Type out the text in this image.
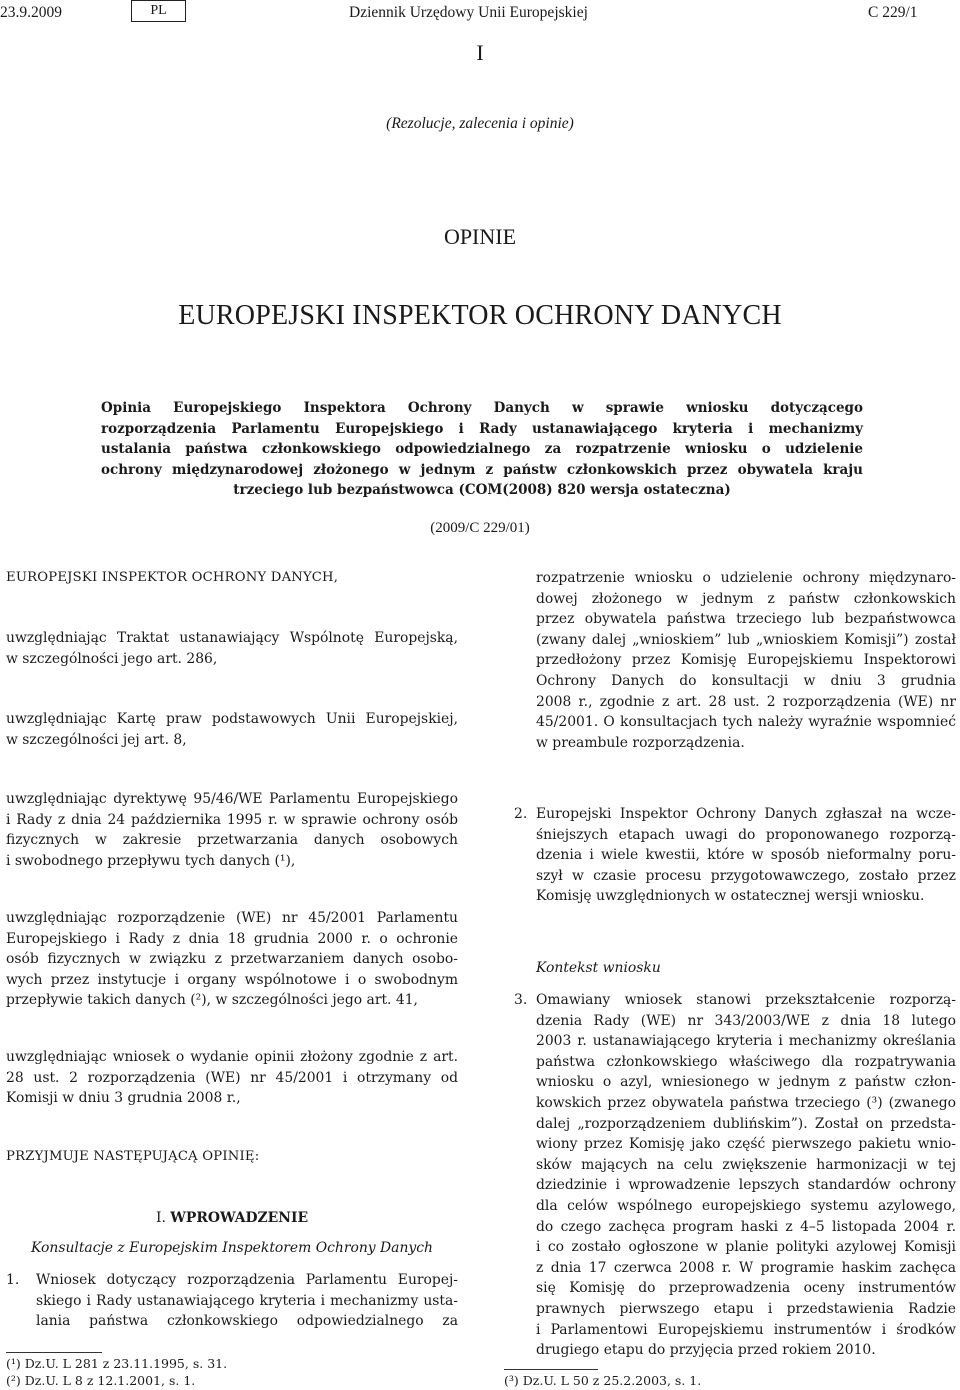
23.9.2009	PL	Dziennik Urzędowy Unii Europejskiej	C 229/1
I
(Rezolucje, zalecenia i opinie)
OPINIE
EUROPEJSKI INSPEKTOR OCHRONY DANYCH
Opinia Europejskiego Inspektora Ochrony Danych w sprawie wniosku dotyczącego
rozporządzenia Parlamentu Europejskiego i Rady ustanawiającego kryteria i mechanizmy
ustalania państwa członkowskiego odpowiedzialnego za rozpatrzenie wniosku o udzielenie
ochrony międzynarodowej złożonego w jednym z państw członkowskich przez obywatela kraju
trzeciego lub bezpaństwowca (COM(2008) 820 wersja ostateczna)
(2009/C 229/01)
EUROPEJSKI INSPEKTOR OCHRONY DANYCH,
uwzględniając Traktat ustanawiający Wspólnotę Europejską,
w szczególności jego art. 286,
uwzględniając Kartę praw podstawowych Unii Europejskiej,
w szczególności jej art. 8,
rozpatrzenie wniosku o udzielenie ochrony międzynaro-
dowej złożonego w jednym z państw członkowskich
przez obywatela państwa trzeciego lub bezpaństwowca
(zwany dalej „wnioskiem” lub „wnioskiem Komisji”) został
przedłożony przez Komisję Europejskiemu Inspektorowi
Ochrony Danych do konsultacji w dniu 3 grudnia
2008 r., zgodnie z art. 28 ust. 2 rozporządzenia (WE) nr
45/2001. O konsultacjach tych należy wyraźnie wspomnieć
w preambule rozporządzenia.
uwzględniając dyrektywę 95/46/WE Parlamentu Europejskiego
i Rady z dnia 24 października 1995 r. w sprawie ochrony osób
fizycznych w zakresie przetwarzania danych osobowych
i swobodnego przepływu tych danych (¹),
uwzględniając rozporządzenie (WE) nr 45/2001 Parlamentu
Europejskiego i Rady z dnia 18 grudnia 2000 r. o ochronie
osób fizycznych w związku z przetwarzaniem danych osobo-
wych przez instytucje i organy wspólnotowe i o swobodnym
przepływie takich danych (²), w szczególności jego art. 41,
uwzględniając wniosek o wydanie opinii złożony zgodnie z art.
28 ust. 2 rozporządzenia (WE) nr 45/2001 i otrzymany od
Komisji w dniu 3 grudnia 2008 r.,
PRZYJMUJE NASTĘPUJĄCĄ OPINIĘ:
I. WPROWADZENIE
Konsultacje z Europejskim Inspektorem Ochrony Danych
1.	Wniosek dotyczący rozporządzenia Parlamentu Europej-
skiego i Rady ustanawiającego kryteria i mechanizmy usta-
lania państwa członkowskiego odpowiedzialnego za
2. Europejski Inspektor Ochrony Danych zgłaszał na wcze-
śniejszych etapach uwagi do proponowanego rozporzą-
dzenia i wiele kwestii, które w sposób nieformalny poru-
szył w czasie procesu przygotowawczego, zostało przez
Komisję uwzględnionych w ostatecznej wersji wniosku.
Kontekst wniosku
3. Omawiany wniosek stanowi przekształcenie rozporzą-
dzenia Rady (WE) nr 343/2003/WE z dnia 18 lutego
2003 r. ustanawiającego kryteria i mechanizmy określania
państwa członkowskiego właściwego dla rozpatrywania
wniosku o azyl, wniesionego w jednym z państw człon-
kowskich przez obywatela państwa trzeciego (³) (zwanego
dalej „rozporządzeniem dublińskim”). Został on przedsta-
wiony przez Komisję jako część pierwszego pakietu wnio-
sków mających na celu zwiększenie harmonizacji w tej
dziedzinie i wprowadzenie lepszych standardów ochrony
dla celów wspólnego europejskiego systemu azylowego,
do czego zachęca program haski z 4–5 listopada 2004 r.
i co zostało ogłoszone w planie polityki azylowej Komisji
z dnia 17 czerwca 2008 r. W programie haskim zachęca
się Komisję do przeprowadzenia oceny instrumentów
prawnych pierwszego etapu i przedstawienia Radzie
i Parlamentowi Europejskiemu instrumentów i środków
drugiego etapu do przyjęcia przed rokiem 2010.
(¹) Dz.U. L 281 z 23.11.1995, s. 31.
(²) Dz.U. L 8 z 12.1.2001, s. 1.	(³) Dz.U. L 50 z 25.2.2003, s. 1.
